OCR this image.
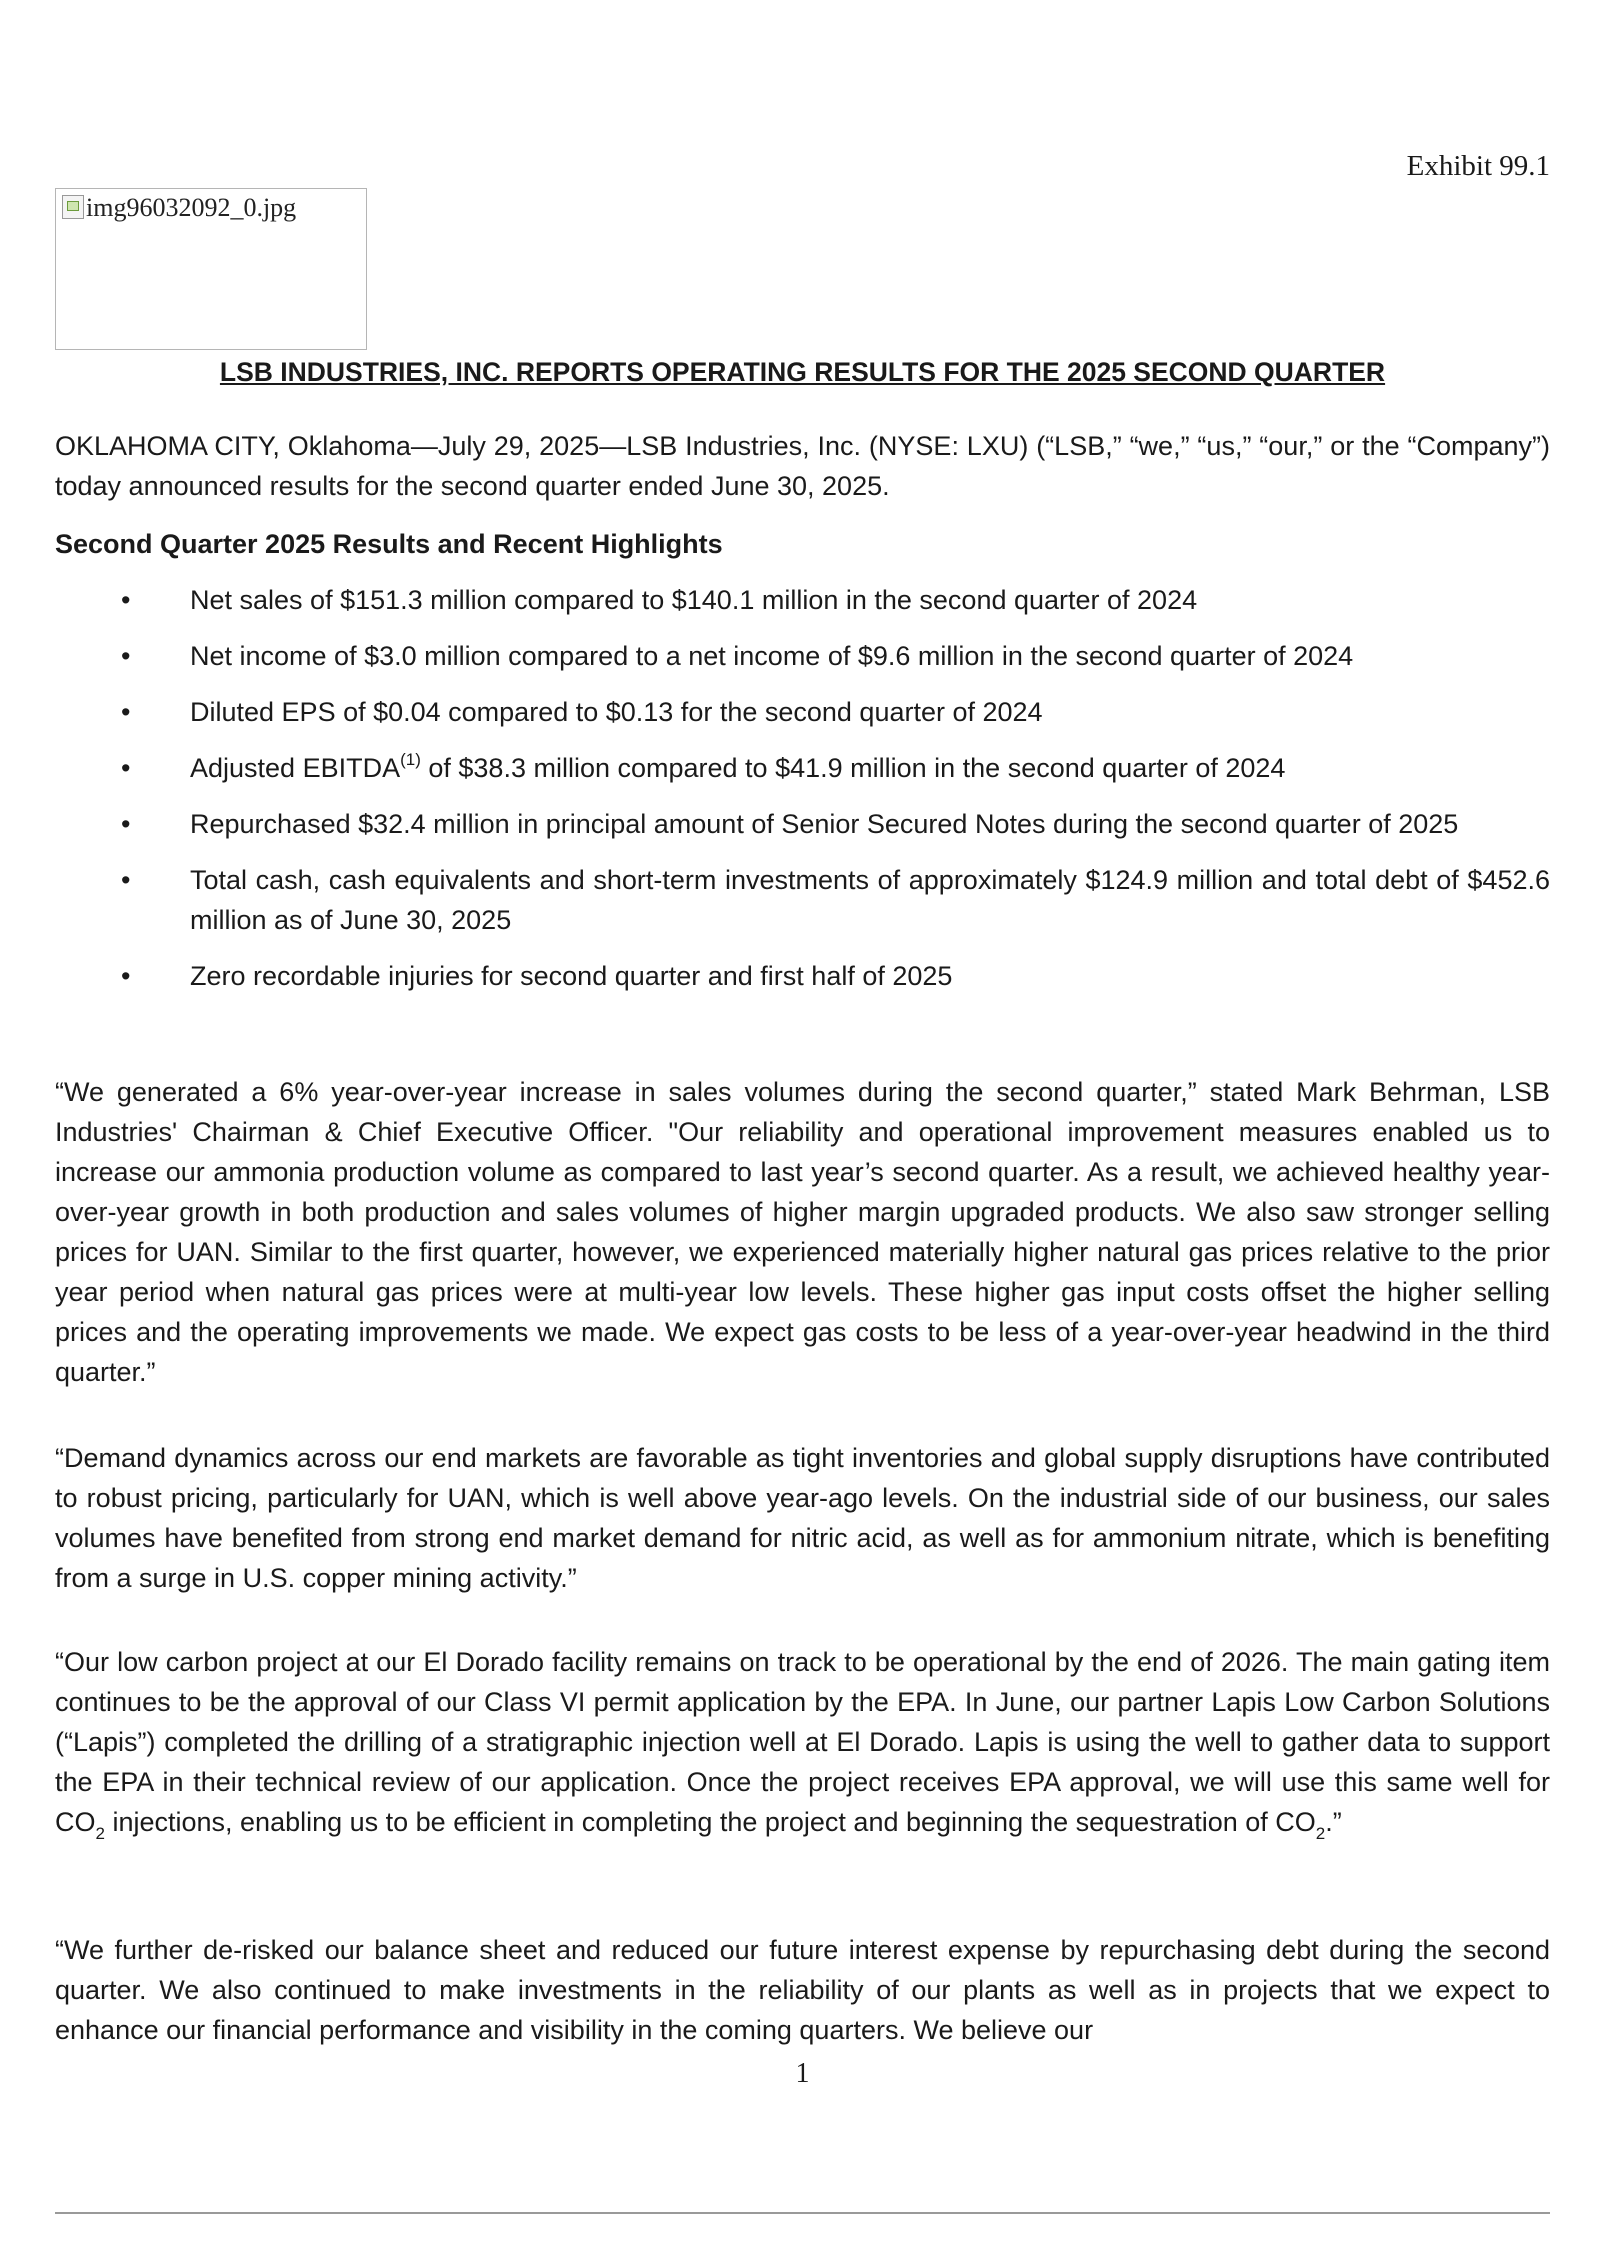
Exhibit 99.1
img96032092_0.jpg
LSB INDUSTRIES, INC. REPORTS OPERATING RESULTS FOR THE 2025 SECOND QUARTER
OKLAHOMA CITY, Oklahoma—July 29, 2025—LSB Industries, Inc. (NYSE: LXU) (“LSB,” “we,” “us,” “our,” or the “Company”) today announced results for the second quarter ended June 30, 2025.
Second Quarter 2025 Results and Recent Highlights
• Net sales of $151.3 million compared to $140.1 million in the second quarter of 2024
• Net income of $3.0 million compared to a net income of $9.6 million in the second quarter of 2024
• Diluted EPS of $0.04 compared to $0.13 for the second quarter of 2024
• Adjusted EBITDA$^{(1)}$ of $38.3 million compared to $41.9 million in the second quarter of 2024
• Repurchased $32.4 million in principal amount of Senior Secured Notes during the second quarter of 2025
• Total cash, cash equivalents and short-term investments of approximately $124.9 million and total debt of $452.6 million as of June 30, 2025
• Zero recordable injuries for second quarter and first half of 2025

“We generated a 6% year-over-year increase in sales volumes during the second quarter,” stated Mark Behrman, LSB Industries' Chairman & Chief Executive Officer. "Our reliability and operational improvement measures enabled us to increase our ammonia production volume as compared to last year’s second quarter. As a result, we achieved healthy year-over-year growth in both production and sales volumes of higher margin upgraded products. We also saw stronger selling prices for UAN. Similar to the first quarter, however, we experienced materially higher natural gas prices relative to the prior year period when natural gas prices were at multi-year low levels. These higher gas input costs offset the higher selling prices and the operating improvements we made. We expect gas costs to be less of a year-over-year headwind in the third quarter.”

“Demand dynamics across our end markets are favorable as tight inventories and global supply disruptions have contributed to robust pricing, particularly for UAN, which is well above year-ago levels. On the industrial side of our business, our sales volumes have benefited from strong end market demand for nitric acid, as well as for ammonium nitrate, which is benefiting from a surge in U.S. copper mining activity.”

“Our low carbon project at our El Dorado facility remains on track to be operational by the end of 2026. The main gating item continues to be the approval of our Class VI permit application by the EPA. In June, our partner Lapis Low Carbon Solutions (“Lapis”) completed the drilling of a stratigraphic injection well at El Dorado. Lapis is using the well to gather data to support the EPA in their technical review of our application. Once the project receives EPA approval, we will use this same well for $CO_2$ injections, enabling us to be efficient in completing the project and beginning the sequestration of $CO_2$.”

“We further de-risked our balance sheet and reduced our future interest expense by repurchasing debt during the second quarter. We also continued to make investments in the reliability of our plants as well as in projects that we expect to enhance our financial performance and visibility in the coming quarters. We believe our

1
